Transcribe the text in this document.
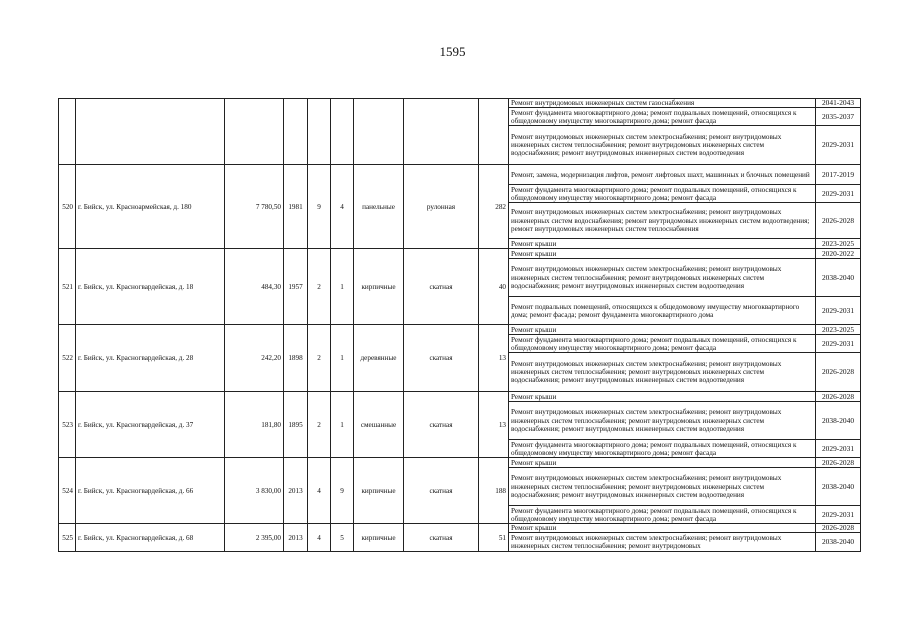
1595
									Ремонт внутридомовых инженерных систем газоснабжения	2041-2043
									Ремонт фундамента многоквартирного дома; ремонт подвальных помещений, относящихся к общедомовому имуществу многоквартирного дома; ремонт фасада	2035-2037
									Ремонт внутридомовых инженерных систем электроснабжения; ремонт внутридомовых инженерных систем теплоснабжения; ремонт внутридомовых инженерных систем водоснабжения; ремонт внутридомовых инженерных систем водоотведения	2029-2031
520	г. Бийск, ул. Красноармейская, д. 180	7 780,50	1981	9	4	панельные	рулонная	282	Ремонт, замена, модернизация лифтов, ремонт лифтовых шахт, машинных и блочных помещений	2017-2019
									Ремонт фундамента многоквартирного дома; ремонт подвальных помещений, относящихся к общедомовому имуществу многоквартирного дома; ремонт фасада	2029-2031
									Ремонт внутридомовых инженерных систем электроснабжения; ремонт внутридомовых инженерных систем водоснабжения; ремонт внутридомовых инженерных систем водоотведения; ремонт внутридомовых инженерных систем теплоснабжения	2026-2028
									Ремонт крыши	2023-2025
521	г. Бийск, ул. Красногвардейская, д. 18	484,30	1957	2	1	кирпичные	скатная	40	Ремонт крыши	2020-2022
									Ремонт внутридомовых инженерных систем электроснабжения; ремонт внутридомовых инженерных систем теплоснабжения; ремонт внутридомовых инженерных систем водоснабжения; ремонт внутридомовых инженерных систем водоотведения	2038-2040
									Ремонт подвальных помещений, относящихся к общедомовому имуществу многоквартирного дома; ремонт фасада; ремонт фундамента многоквартирного дома	2029-2031
522	г. Бийск, ул. Красногвардейская, д. 28	242,20	1898	2	1	деревянные	скатная	13	Ремонт крыши	2023-2025
									Ремонт фундамента многоквартирного дома; ремонт подвальных помещений, относящихся к общедомовому имуществу многоквартирного дома; ремонт фасада	2029-2031
									Ремонт внутридомовых инженерных систем электроснабжения; ремонт внутридомовых инженерных систем теплоснабжения; ремонт внутридомовых инженерных систем водоснабжения; ремонт внутридомовых инженерных систем водоотведения	2026-2028
523	г. Бийск, ул. Красногвардейская, д. 37	181,80	1895	2	1	смешанные	скатная	13	Ремонт крыши	2026-2028
									Ремонт внутридомовых инженерных систем электроснабжения; ремонт внутридомовых инженерных систем теплоснабжения; ремонт внутридомовых инженерных систем водоснабжения; ремонт внутридомовых инженерных систем водоотведения	2038-2040
									Ремонт фундамента многоквартирного дома; ремонт подвальных помещений, относящихся к общедомовому имуществу многоквартирного дома; ремонт фасада	2029-2031
524	г. Бийск, ул. Красногвардейская, д. 66	3 830,00	2013	4	9	кирпичные	скатная	188	Ремонт крыши	2026-2028
									Ремонт внутридомовых инженерных систем электроснабжения; ремонт внутридомовых инженерных систем теплоснабжения; ремонт внутридомовых инженерных систем водоснабжения; ремонт внутридомовых инженерных систем водоотведения	2038-2040
									Ремонт фундамента многоквартирного дома; ремонт подвальных помещений, относящихся к общедомовому имуществу многоквартирного дома; ремонт фасада	2029-2031
525	г. Бийск, ул. Красногвардейская, д. 68	2 395,00	2013	4	5	кирпичные	скатная	51	Ремонт крыши	2026-2028
									Ремонт внутридомовых инженерных систем электроснабжения; ремонт внутридомовых инженерных систем теплоснабжения; ремонт внутридомовых	2038-2040
